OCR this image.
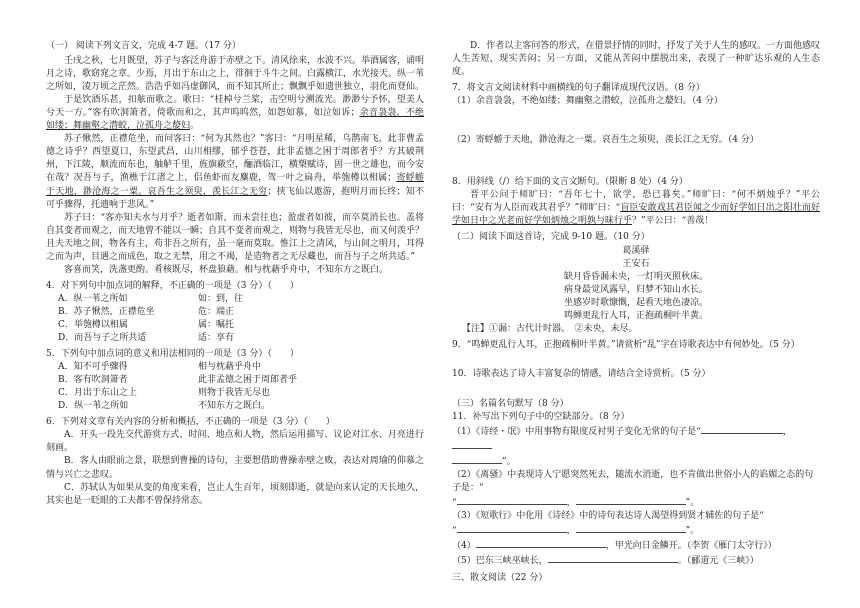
（一） 阅读下列文言文，完成 4-7 题。（17 分）

壬戌之秋，七月既望，苏子与客泛舟游于赤壁之下。清风徐来，水波不兴。举酒属客，诵明月之诗，歌窈窕之章。少焉，月出于东山之上，徘徊于斗牛之间。白露横江，水光接天。纵一苇之所如，凌万顷之茫然。浩浩乎如冯虚御风，而不知其所止；飘飘乎如遗世独立，羽化而登仙。

于是饮酒乐甚，扣舷而歌之。歌曰：“桂棹兮兰桨，击空明兮溯流光。渺渺兮予怀，望美人兮天一方。”客有吹洞箫者，倚歌而和之，其声呜呜然，如怨如慕，如泣如诉；余音袅袅，不绝如缕；舞幽壑之潜蛟，泣孤舟之嫠妇。

苏子愀然，正襟危坐，而问客曰：“何为其然也？”客曰：“月明星稀，乌鹊南飞，此非曹孟德之诗乎？西望夏口，东望武昌，山川相缪，郁乎苍苍，此非孟德之困于周郎者乎？方其破荆州，下江陵，顺流而东也，舳舻千里，旌旗蔽空，酾酒临江，横槊赋诗，固一世之雄也，而今安在哉？况吾与子，渔樵于江渚之上，侣鱼虾而友麋鹿，驾一叶之扁舟，举匏樽以相属；寄蜉蝣于天地，渺沧海之一粟。哀吾生之须臾，羡长江之无穷；挟飞仙以遨游，抱明月而长终；知不可乎骤得，托遗响于悲风。”

苏子曰：“客亦知夫水与月乎？逝者如斯，而未尝往也；盈虚者如彼，而卒莫消长也。盖将自其变者而观之，而天地曾不能以一瞬；自其不变者而观之，则物与我皆无尽也，而又何羡乎？且夫天地之间，物各有主，苟非吾之所有，虽一毫而莫取。惟江上之清风，与山间之明月，耳得之而为声，目遇之而成色，取之无禁，用之不竭，是造物者之无尽藏也，而吾与子之所共适。”

客喜而笑，洗盏更酌。肴核既尽，杯盘狼藉。相与枕藉乎舟中，不知东方之既白。

4．对下列句中加点词的解释，不正确的一项是（3 分）（　　）

A．纵一苇之所如	如：到，往
B．苏子愀然，正襟危坐	危：端正
C．举匏樽以相属	属：嘱托
D．而吾与子之所共适	适：享有

5．下列句中加点词的意义和用法相同的一项是（3 分）（　　）

A．知不可乎骤得	相与枕藉乎舟中
B．客有吹洞箫者	此非孟德之困于周郎者乎
C．月出于东山之上	则物于我皆无尽也
D．纵一苇之所如	不知东方之既白。

6．下列对文章有关内容的分析和概括，不正确的一项是（3 分）（　　）

A．开头一段先交代游赏方式、时间、地点和人物，然后运用描写、议论对江水、月亮进行刻画。

B．客人由眼前之景，联想到曹操的诗句，主要想借助曹操赤壁之败，表达对周瑜的仰慕之情与兴亡之悲叹。

C．苏轼认为如果从变的角度来看，岂止人生百年，顷刻即逝，就是向来认定的天长地久，其实也是一眨眼的工夫都不曾保持常态。

D．作者以主客问答的形式，在借景抒情的同时，抒发了关于人生的感叹。一方面他感叹人生苦短，现实苦闷；另一方面，又能从苦闷中摆脱出来，表现了一种旷达乐观的人生态度。

7．将文言文阅读材料中画横线的句子翻译成现代汉语。（8 分）

（1）余音袅袅，不绝如缕；舞幽壑之潜蛟，泣孤舟之嫠妇。（4 分）

（2）寄蜉蝣于天地，渺沧海之一粟。哀吾生之须臾，羡长江之无穷。（4 分）

8．用斜线（/）给下面的文言文断句。（限断 8 处）（4 分）

晋平公问于师旷曰：“吾年七十，欲学，恐已暮矣。”师旷曰：“何不炳烛乎？”平公曰：“安有为人臣而戏其君乎？”师旷曰：“盲臣安敢戏其君臣闻之少而好学如日出之阳壮而好学如日中之光老而好学如炳烛之明孰与昧行乎？”平公曰：“善哉！

（二）阅读下面这首诗，完成 9-10 题。（10 分）

葛溪驿

王安石

缺月昏昏漏未央，一灯明灭照秋床。

病身最觉风露早，归梦不知山水长。

坐感岁时歌慷慨，起看天地色凄凉。

鸣蝉更乱行人耳，正抱疏桐叶半黄。

【注】①漏：古代计时器。　②未央，未尽。

9．“鸣蝉更乱行人耳，正抱疏桐叶半黄。”请赏析“乱”字在诗歌表达中有何妙处。（5 分）

10．诗歌表达了诗人丰富复杂的情感，请结合全诗赏析。（5 分）

（三）名篇名句默写（8 分）

11．补写出下列句子中的空缺部分。（8 分）

（1）《诗经・氓》中用事物有限度反衬男子变化无常的句子是“	，
”。

（2）《离骚》中表现诗人宁愿突然死去，随流水消逝，也不肯做出世俗小人的谄媚之态的句子是：“
“	，	”。

（3）《短歌行》中化用《诗经》中的诗句表达诗人渴望得到贤才辅佐的句子是“
“	，	”。

（4）	，甲光向日金鳞开。（李贺《雁门太守行》）

（5）巴东三峡巫峡长，	。（郦道元《三峡》）

三、散文阅读（22 分）
